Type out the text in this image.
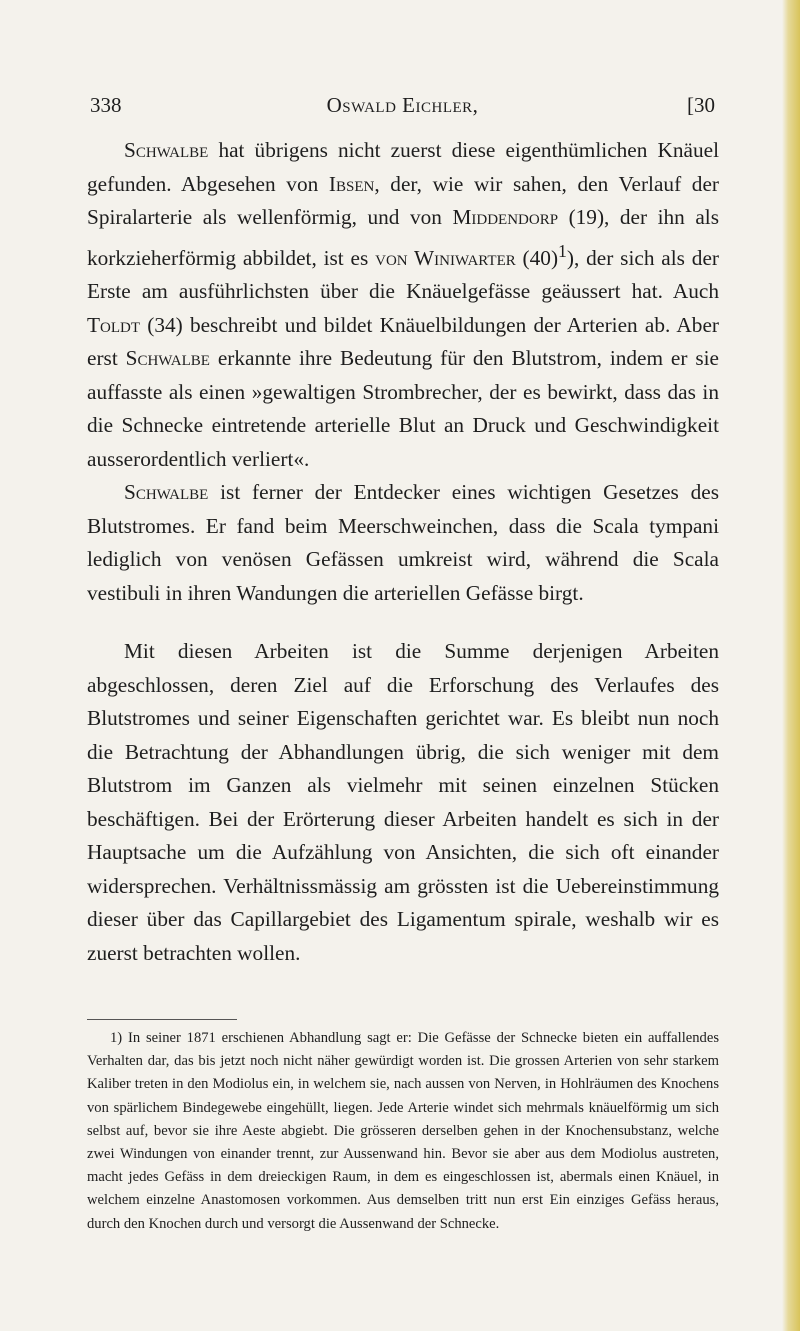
338	Oswald Eichler,	[30

Schwalbe hat übrigens nicht zuerst diese eigenthümlichen Knäuel gefunden. Abgesehen von Ibsen, der, wie wir sahen, den Verlauf der Spiralarterie als wellenförmig, und von Middendorp (19), der ihn als korkzieherförmig abbildet, ist es von Winiwarter $(40)^1$), der sich als der Erste am ausführlichsten über die Knäuelgefässe geäussert hat. Auch Toldt (34) beschreibt und bildet Knäuelbildungen der Arterien ab. Aber erst Schwalbe erkannte ihre Bedeutung für den Blutstrom, indem er sie auffasste als einen »gewaltigen Strombrecher, der es bewirkt, dass das in die Schnecke eintretende arterielle Blut an Druck und Geschwindigkeit ausserordentlich verliert«.

Schwalbe ist ferner der Entdecker eines wichtigen Gesetzes des Blutstromes. Er fand beim Meerschweinchen, dass die Scala tympani lediglich von venösen Gefässen umkreist wird, während die Scala vestibuli in ihren Wandungen die arteriellen Gefässe birgt.

Mit diesen Arbeiten ist die Summe derjenigen Arbeiten abgeschlossen, deren Ziel auf die Erforschung des Verlaufes des Blutstromes und seiner Eigenschaften gerichtet war. Es bleibt nun noch die Betrachtung der Abhandlungen übrig, die sich weniger mit dem Blutstrom im Ganzen als vielmehr mit seinen einzelnen Stücken beschäftigen. Bei der Erörterung dieser Arbeiten handelt es sich in der Hauptsache um die Aufzählung von Ansichten, die sich oft einander widersprechen. Verhältnissmässig am grössten ist die Uebereinstimmung dieser über das Capillargebiet des Ligamentum spirale, weshalb wir es zuerst betrachten wollen.

1) In seiner 1871 erschienen Abhandlung sagt er: Die Gefässe der Schnecke bieten ein auffallendes Verhalten dar, das bis jetzt noch nicht näher gewürdigt worden ist. Die grossen Arterien von sehr starkem Kaliber treten in den Modiolus ein, in welchem sie, nach aussen von Nerven, in Hohlräumen des Knochens von spärlichem Bindegewebe eingehüllt, liegen. Jede Arterie windet sich mehrmals knäuelförmig um sich selbst auf, bevor sie ihre Aeste abgiebt. Die grösseren derselben gehen in der Knochensubstanz, welche zwei Windungen von einander trennt, zur Aussenwand hin. Bevor sie aber aus dem Modiolus austreten, macht jedes Gefäss in dem dreieckigen Raum, in dem es eingeschlossen ist, abermals einen Knäuel, in welchem einzelne Anastomosen vorkommen. Aus demselben tritt nun erst Ein einziges Gefäss heraus, durch den Knochen durch und versorgt die Aussenwand der Schnecke.
